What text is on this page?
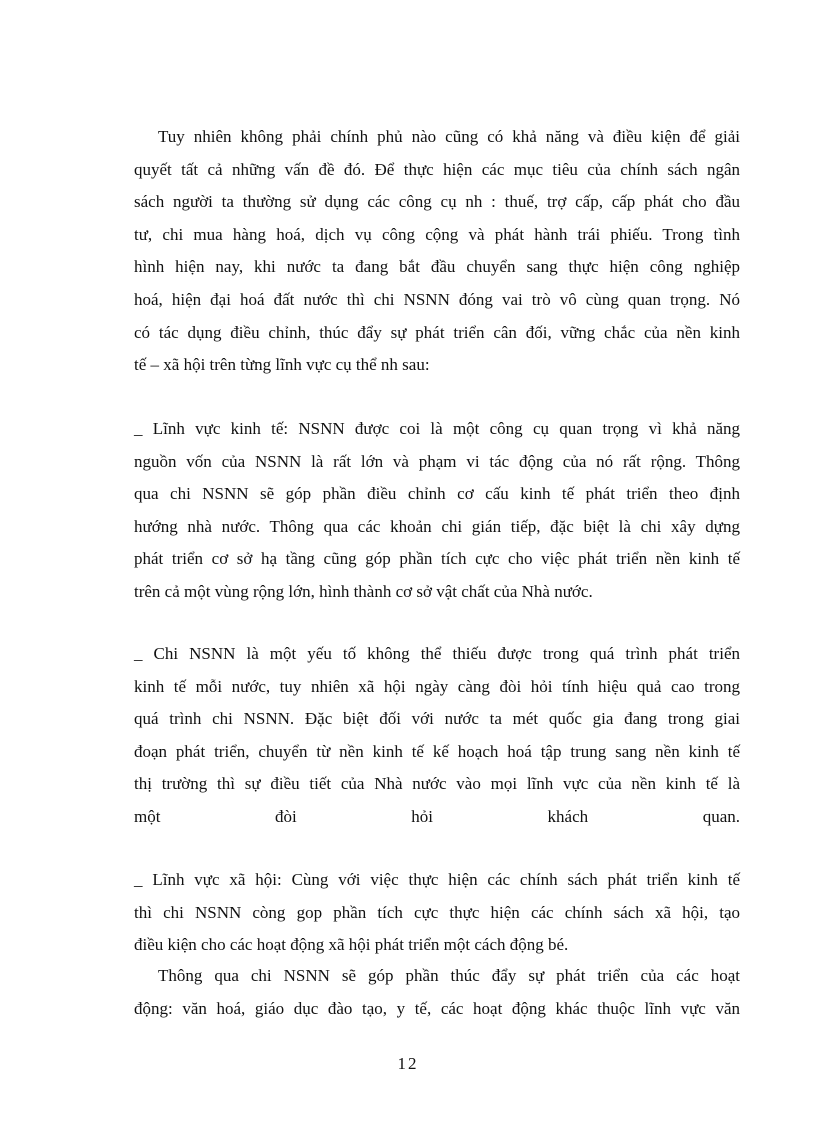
Tuy nhiên không phải chính phủ nào cũng có khả năng và điều kiện để giải
quyết tất cả những vấn đề đó. Để thực hiện các mục tiêu của chính sách ngân
sách người ta thường sử dụng các công cụ nh : thuế, trợ cấp, cấp phát cho đầu
tư, chi mua hàng hoá, dịch vụ công cộng và phát hành trái phiếu. Trong tình
hình hiện nay, khi nước ta đang bắt đầu chuyển sang thực hiện công nghiệp
hoá, hiện đại hoá đất nước thì chi NSNN đóng vai trò vô cùng quan trọng. Nó
có tác dụng điều chỉnh, thúc đẩy sự phát triển cân đối, vững chắc của nền kinh
tế – xã hội trên từng lĩnh vực cụ thể nh sau:
_ Lĩnh vực kinh tế: NSNN được coi là một công cụ quan trọng vì khả năng
nguồn vốn của NSNN là rất lớn và phạm vi tác động của nó rất rộng. Thông
qua chi NSNN sẽ góp phần điều chỉnh cơ cấu kinh tế phát triển theo định
hướng nhà nước. Thông qua các khoản chi gián tiếp, đặc biệt là chi xây dựng
phát triển cơ sở hạ tầng cũng góp phần tích cực cho việc phát triển nền kinh tế
trên cả một vùng rộng lớn, hình thành cơ sở vật chất của Nhà nước.
_ Chi NSNN là một yếu tố không thể thiếu được trong quá trình phát triển
kinh tế mỗi nước, tuy nhiên xã hội ngày càng đòi hỏi tính hiệu quả cao trong
quá trình chi NSNN. Đặc biệt đối với nước ta mét quốc gia đang trong giai
đoạn phát triển, chuyển từ nền kinh tế kế hoạch hoá tập trung sang nền kinh tế
thị trường thì sự điều tiết của Nhà nước vào mọi lĩnh vực của nền kinh tế là
một đòi hỏi khách quan.
_ Lĩnh vực xã hội: Cùng với việc thực hiện các chính sách phát triển kinh tế
thì chi NSNN còng gop phần tích cực thực hiện các chính sách xã hội, tạo
điều kiện cho các hoạt động xã hội phát triển một cách động bé.
Thông qua chi NSNN sẽ góp phần thúc đẩy sự phát triển của các hoạt
động: văn hoá, giáo dục đào tạo, y tế, các hoạt động khác thuộc lĩnh vực văn
12
